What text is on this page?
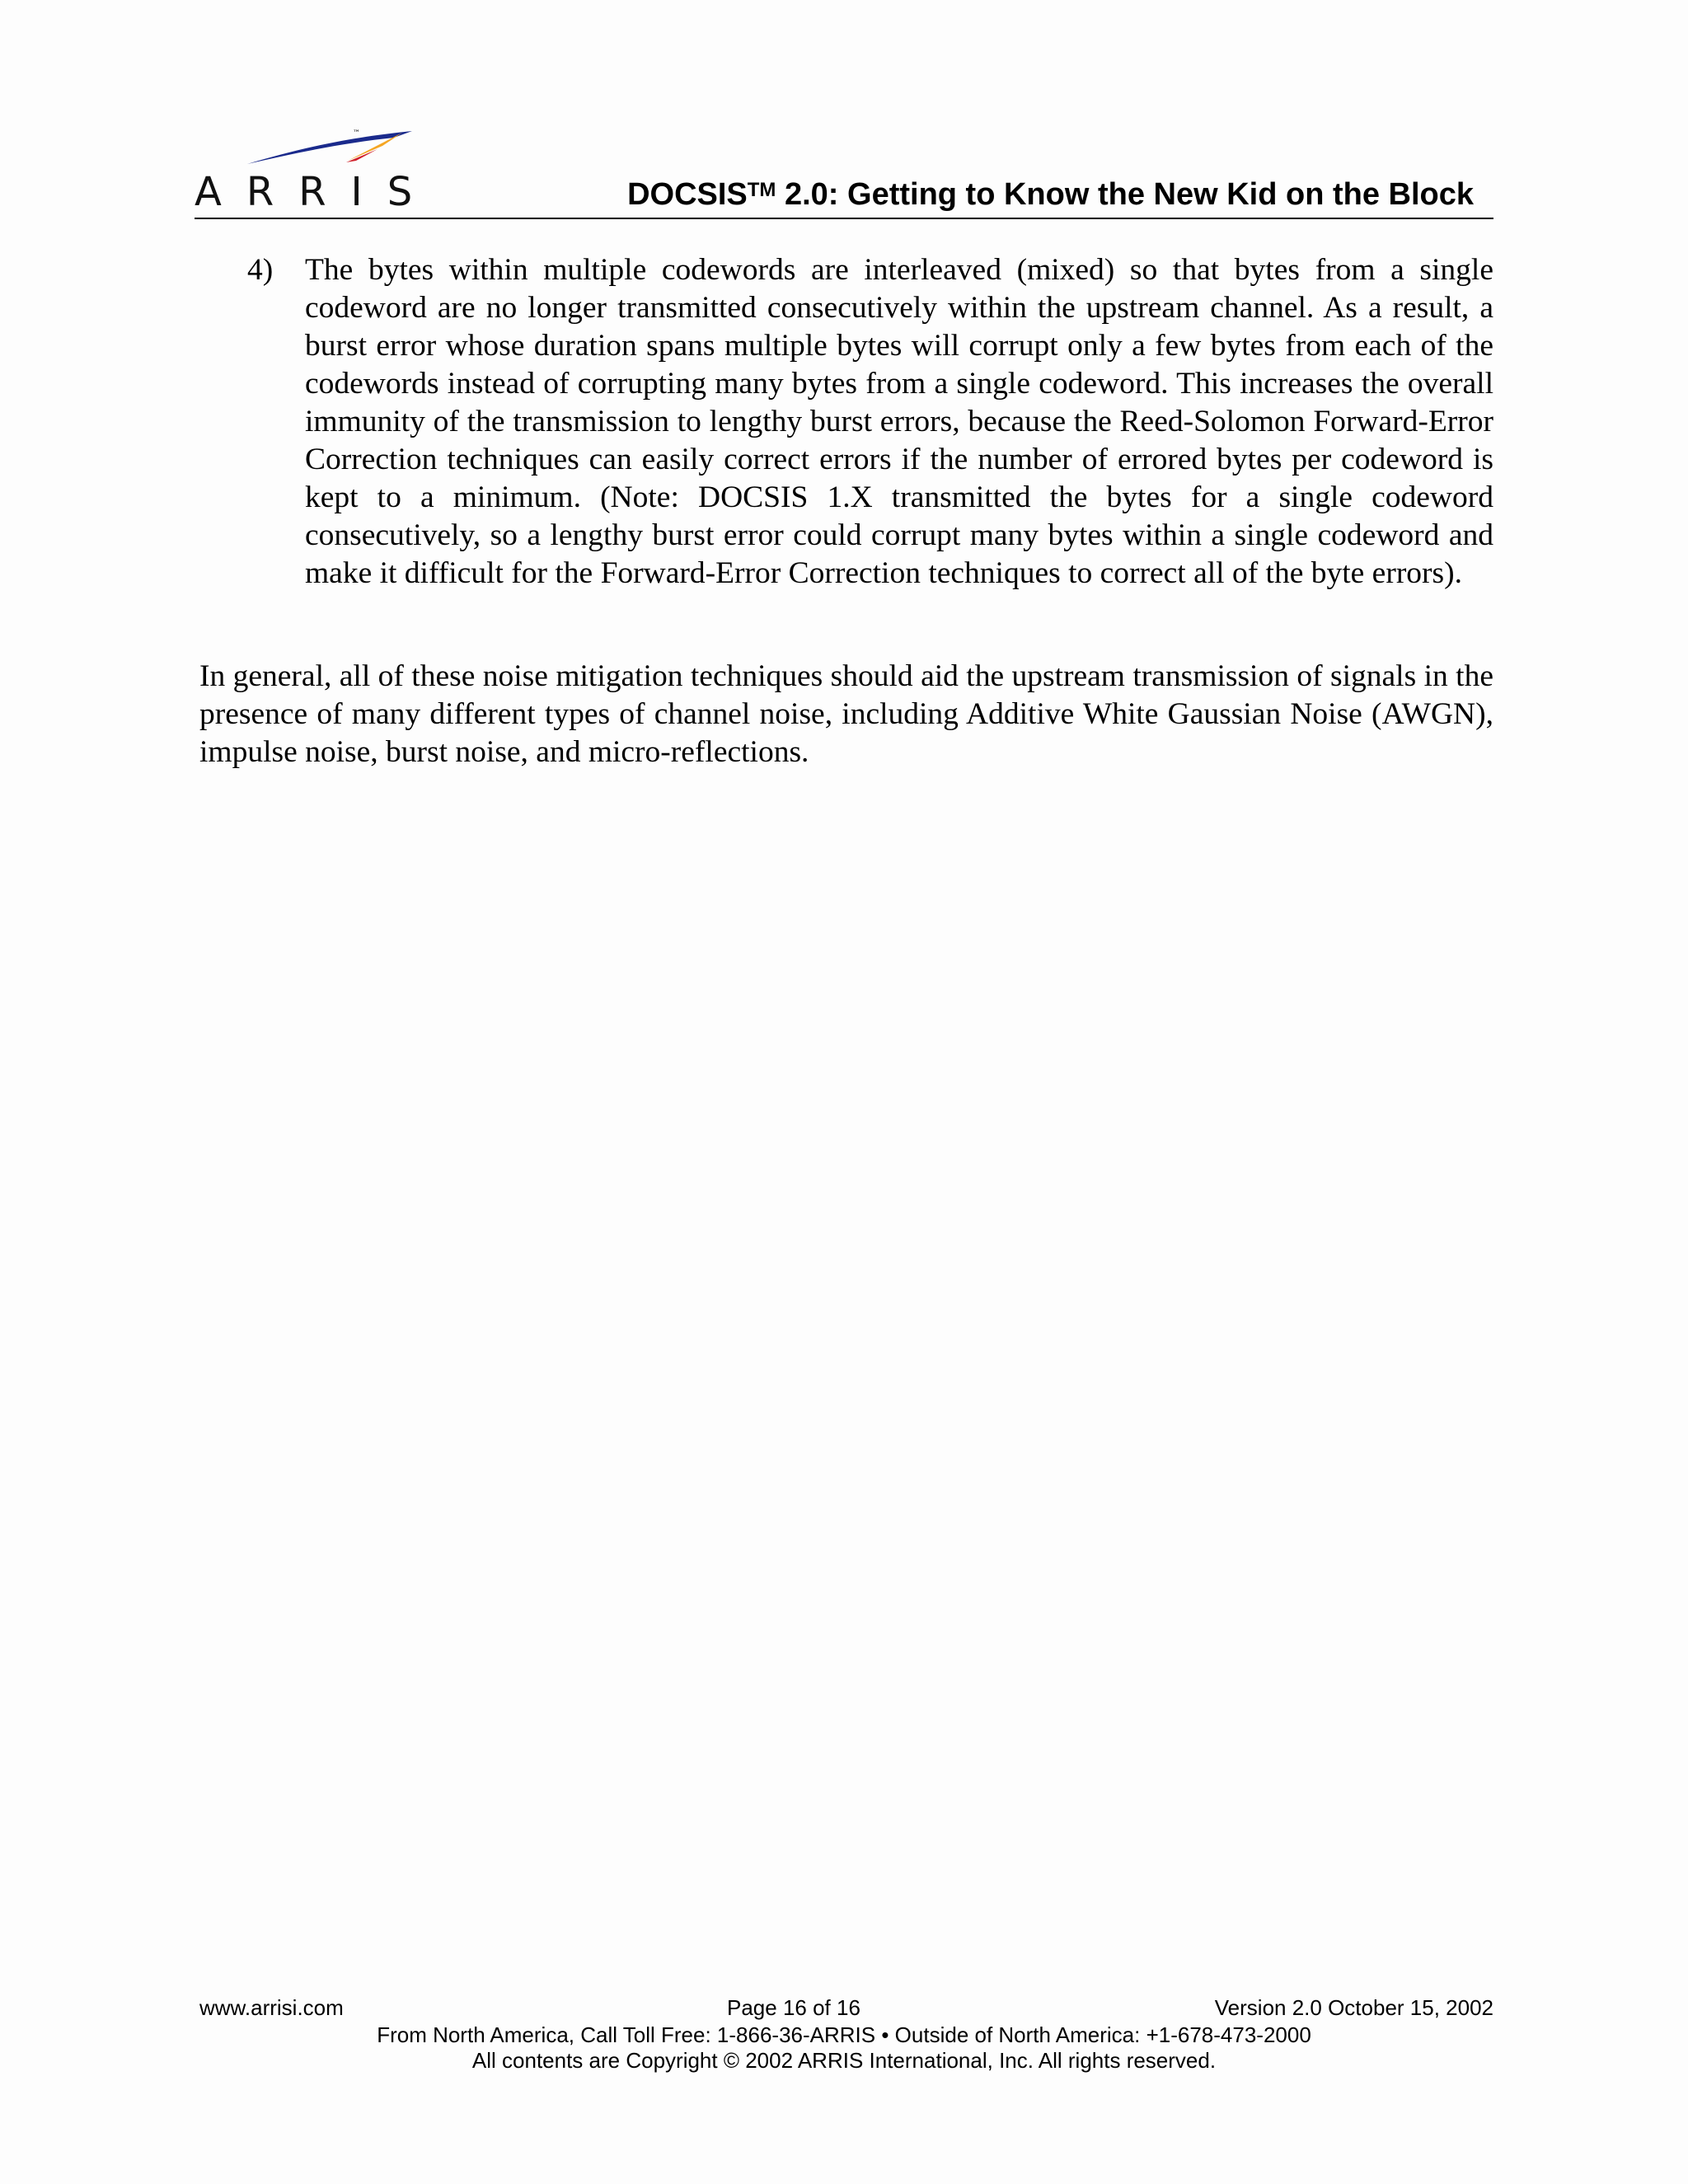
™
ARRIS	DOCSIS™ 2.0: Getting to Know the New Kid on the Block
4) The bytes within multiple codewords are interleaved (mixed) so that bytes from a single codeword are no longer transmitted consecutively within the upstream channel. As a result, a burst error whose duration spans multiple bytes will corrupt only a few bytes from each of the codewords instead of corrupting many bytes from a single codeword. This increases the overall immunity of the transmission to lengthy burst errors, because the Reed-Solomon Forward-Error Correction techniques can easily correct errors if the number of errored bytes per codeword is kept to a minimum. (Note: DOCSIS 1.X transmitted the bytes for a single codeword consecutively, so a lengthy burst error could corrupt many bytes within a single codeword and make it difficult for the Forward-Error Correction techniques to correct all of the byte errors).

In general, all of these noise mitigation techniques should aid the upstream transmission of signals in the presence of many different types of channel noise, including Additive White Gaussian Noise (AWGN), impulse noise, burst noise, and micro-reflections.

www.arrisi.com	Page 16 of 16	Version 2.0 October 15, 2002
From North America, Call Toll Free: 1-866-36-ARRIS • Outside of North America: +1-678-473-2000
All contents are Copyright © 2002 ARRIS International, Inc. All rights reserved.
